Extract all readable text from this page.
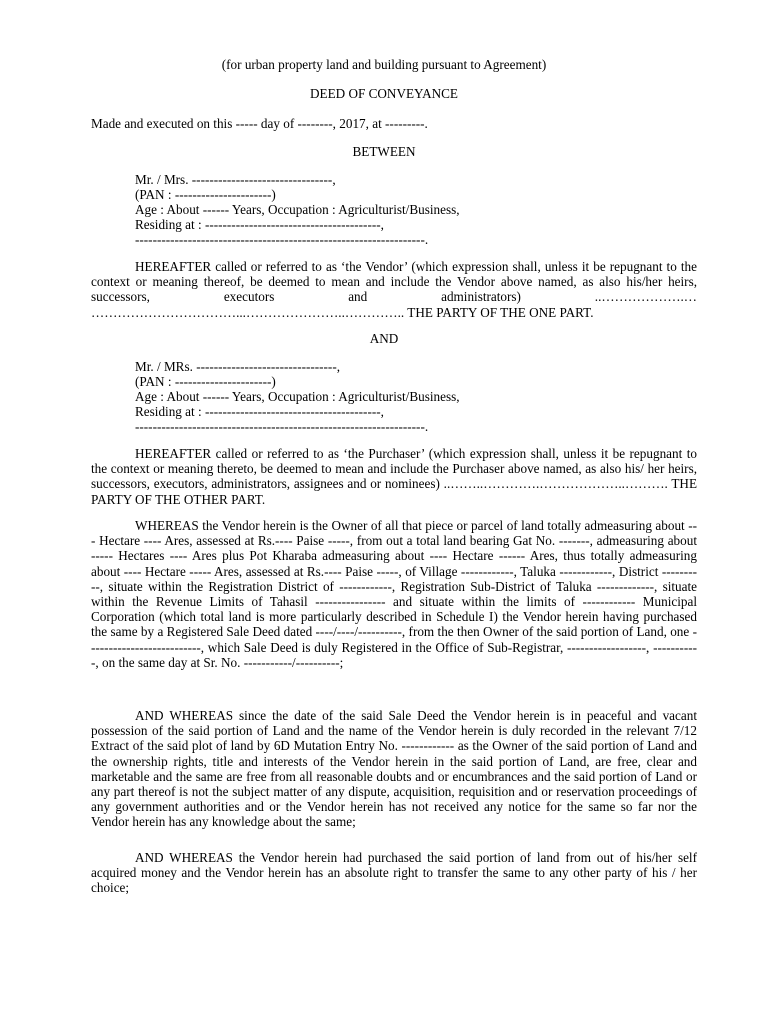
(for urban property land and building pursuant to Agreement)

DEED OF CONVEYANCE

Made and executed on this ----- day of --------, 2017, at ---------.

BETWEEN

Mr. / Mrs. --------------------------------,
(PAN : ----------------------)
Age : About ------ Years, Occupation : Agriculturist/Business,
Residing at : ----------------------------------------,
------------------------------------------------------------------.

HEREAFTER called or referred to as ‘the Vendor’ (which expression shall, unless it be repugnant to the context or meaning thereof, be deemed to mean and include the Vendor above named, as also his/her heirs, successors, executors and administrators) ..……………….… ……………………………...…………………..………….. THE PARTY OF THE ONE PART.

AND

Mr. / MRs. --------------------------------,
(PAN : ----------------------)
Age : About ------ Years, Occupation : Agriculturist/Business,
Residing at : ----------------------------------------,
------------------------------------------------------------------.

HEREAFTER called or referred to as ‘the Purchaser’ (which expression shall, unless it be repugnant to the context or meaning thereto, be deemed to mean and include the Purchaser above named, as also his/ her heirs, successors, executors, administrators, assignees and or nominees) ..……..………….………………..………. THE PARTY OF THE OTHER PART.

WHEREAS the Vendor herein is the Owner of all that piece or parcel of land totally admeasuring about --- Hectare ---- Ares, assessed at Rs.---- Paise -----, from out a total land bearing Gat No. -------, admeasuring about ----- Hectares ---- Ares plus Pot Kharaba admeasuring about ---- Hectare ------ Ares, thus totally admeasuring about ---- Hectare ----- Ares, assessed at Rs.---- Paise -----, of Village ------------, Taluka ------------, District ----------, situate within the Registration District of ------------, Registration Sub-District of Taluka -------------, situate within the Revenue Limits of Tahasil ---------------- and situate within the limits of ------------ Municipal Corporation (which total land is more particularly described in Schedule I) the Vendor herein having purchased the same by a Registered Sale Deed dated ----/----/----------, from the then Owner of the said portion of Land, one --------------------------, which Sale Deed is duly Registered in the Office of Sub-Registrar, ------------------, -----------, on the same day at Sr. No. -----------/----------;

AND WHEREAS since the date of the said Sale Deed the Vendor herein is in peaceful and vacant possession of the said portion of Land and the name of the Vendor herein is duly recorded in the relevant 7/12 Extract of the said plot of land by 6D Mutation Entry No. ------------ as the Owner of the said portion of Land and the ownership rights, title and interests of the Vendor herein in the said portion of Land, are free, clear and marketable and the same are free from all reasonable doubts and or encumbrances and the said portion of Land or any part thereof is not the subject matter of any dispute, acquisition, requisition and or reservation proceedings of any government authorities and or the Vendor herein has not received any notice for the same so far nor the Vendor herein has any knowledge about the same;

AND WHEREAS the Vendor herein had purchased the said portion of land from out of his/her self acquired money and the Vendor herein has an absolute right to transfer the same to any other party of his / her choice;
